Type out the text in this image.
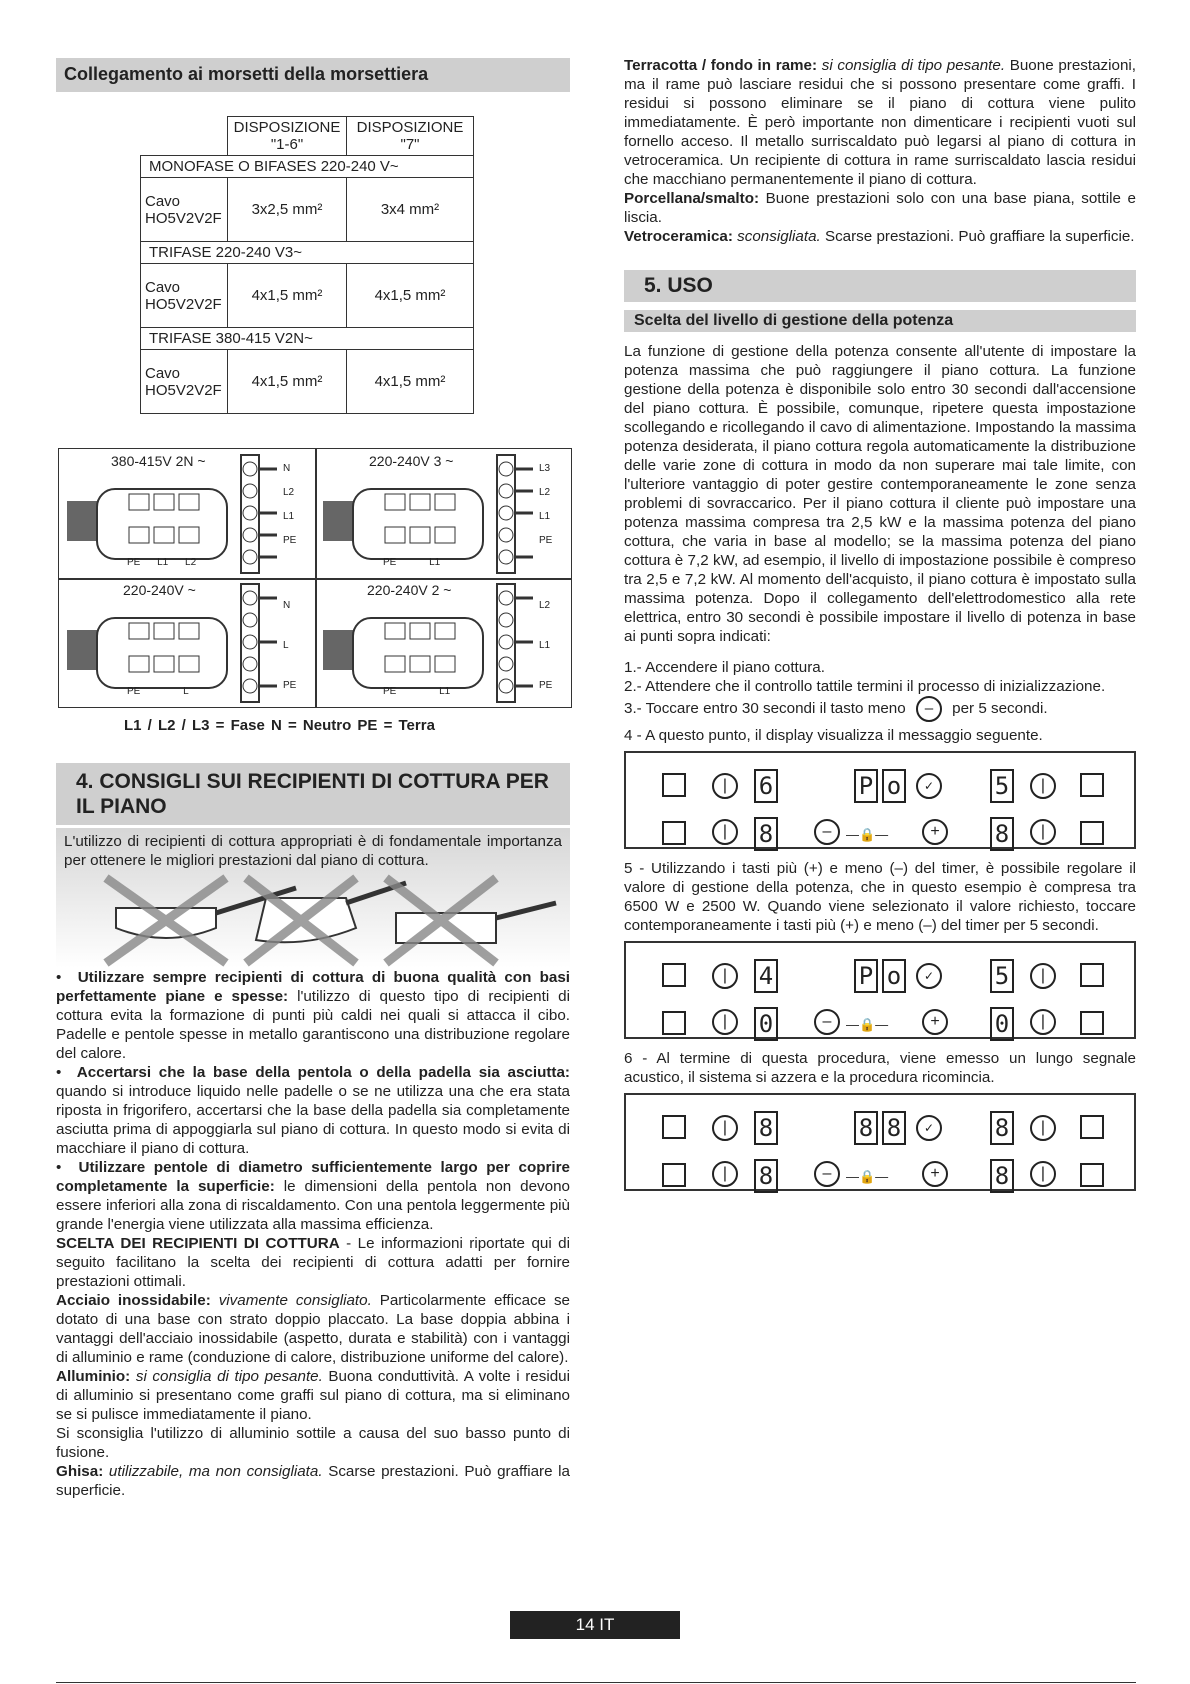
Collegamento ai morsetti della morsettiera
	DISPOSIZIONE "1-6"	DISPOSIZIONE "7"
MONOFASE O BIFASES 220-240 V~		
Cavo HO5V2V2F	3x2,5 mm²	3x4 mm²
TRIFASE 220-240 V3~		
Cavo HO5V2V2F	4x1,5 mm²	4x1,5 mm²
TRIFASE 380-415 V2N~		
Cavo HO5V2V2F	4x1,5 mm²	4x1,5 mm²
380-415V 2N ~	N
L2
L1
PE
PE L1 L2
220-240V 3 ~	L3
L2
L1
PE
PE	L1
220-240V ~
N
L
PE
PE	L
220-240V 2 ~
L2
L1
PE
PE	L1
L1 / L2 / L3 = Fase N = Neutro PE = Terra
4. CONSIGLI SUI RECIPIENTI DI COTTURA PER IL PIANO
L'utilizzo di recipienti di cottura appropriati è di fondamentale importanza per ottenere le migliori prestazioni dal piano di cottura.

•  Utilizzare sempre recipienti di cottura di buona qualità con basi perfettamente piane e spesse: l'utilizzo di questo tipo di recipienti di cottura evita la formazione di punti più caldi nei quali si attacca il cibo. Padelle e pentole spesse in metallo garantiscono una distribuzione regolare del calore.

•  Accertarsi che la base della pentola o della padella sia asciutta: quando si introduce liquido nelle padelle o se ne utilizza una che era stata riposta in frigorifero, accertarsi che la base della padella sia completamente asciutta prima di appoggiarla sul piano di cottura. In questo modo si evita di macchiare il piano di cottura.

•  Utilizzare pentole di diametro sufficientemente largo per coprire completamente la superficie: le dimensioni della pentola non devono essere inferiori alla zona di riscaldamento. Con una pentola leggermente più grande l'energia viene utilizzata alla massima efficienza.

SCELTA DEI RECIPIENTI DI COTTURA - Le informazioni riportate qui di seguito facilitano la scelta dei recipienti di cottura adatti per fornire prestazioni ottimali.

Acciaio inossidabile: vivamente consigliato. Particolarmente efficace se dotato di una base con strato doppio placcato. La base doppia abbina i vantaggi dell'acciaio inossidabile (aspetto, durata e stabilità) con i vantaggi di alluminio e rame (conduzione di calore, distribuzione uniforme del calore).

Alluminio: si consiglia di tipo pesante. Buona conduttività. A volte i residui di alluminio si presentano come graffi sul piano di cottura, ma si eliminano se si pulisce immediatamente il piano.

Si sconsiglia l'utilizzo di alluminio sottile a causa del suo basso punto di fusione.

Ghisa: utilizzabile, ma non consigliata. Scarse prestazioni. Può graffiare la superficie.

Terracotta / fondo in rame: si consiglia di tipo pesante. Buone prestazioni, ma il rame può lasciare residui che si possono presentare come graffi. I residui si possono eliminare se il piano di cottura viene pulito immediatamente. È però importante non dimenticare i recipienti vuoti sul fornello acceso. Il metallo surriscaldato può legarsi al piano di cottura in vetroceramica. Un recipiente di cottura in rame surriscaldato lascia residui che macchiano permanentemente il piano di cottura.

Porcellana/smalto: Buone prestazioni solo con una base piana, sottile e liscia.

Vetroceramica: sconsigliata. Scarse prestazioni. Può graffiare la superficie.

5. USO
Scelta del livello di gestione della potenza

La funzione di gestione della potenza consente all'utente di impostare la potenza massima che può raggiungere il piano cottura. La funzione gestione della potenza è disponibile solo entro 30 secondi dall'accensione del piano cottura. È possibile, comunque, ripetere questa impostazione scollegando e ricollegando il cavo di alimentazione. Impostando la massima potenza desiderata, il piano cottura regola automaticamente la distribuzione delle varie zone di cottura in modo da non superare mai tale limite, con l'ulteriore vantaggio di poter gestire contemporaneamente le zone senza problemi di sovraccarico. Per il piano cottura il cliente può impostare una potenza massima compresa tra 2,5 kW e la massima potenza del piano cottura, che varia in base al modello; se la massima potenza del piano cottura è 7,2 kW, ad esempio, il livello di impostazione possibile è compreso tra 2,5 e 7,2 kW. Al momento dell'acquisto, il piano cottura è impostato sulla massima potenza. Dopo il collegamento dell'elettrodomestico alla rete elettrica, entro 30 secondi è possibile impostare il livello di potenza in base ai punti sopra indicati:

1.- Accendere il piano cottura.

2.- Attendere che il controllo tattile termini il processo di inizializzazione.

3.- Toccare entro 30 secondi il tasto meno – per 5 secondi.

4 - A questo punto, il display visualizza il messaggio seguente.

|
|
6
8
P o	✓
–	—🔒—	+
5
8
|
|

5 - Utilizzando i tasti più (+) e meno (–) del timer, è possibile regolare il valore di gestione della potenza, che in questo esempio è compresa tra 6500 W e 2500 W. Quando viene selezionato il valore richiesto, toccare contemporaneamente i tasti più (+) e meno (–) del timer per 5 secondi.

|
|
4
0
P o	✓
–	—🔒—	+
5
0
|
|

6 - Al termine di questa procedura, viene emesso un lungo segnale acustico, il sistema si azzera e la procedura ricomincia.

|
|
8
8
8 8	✓
–	—🔒—	+
8
8
|
|
14 IT
